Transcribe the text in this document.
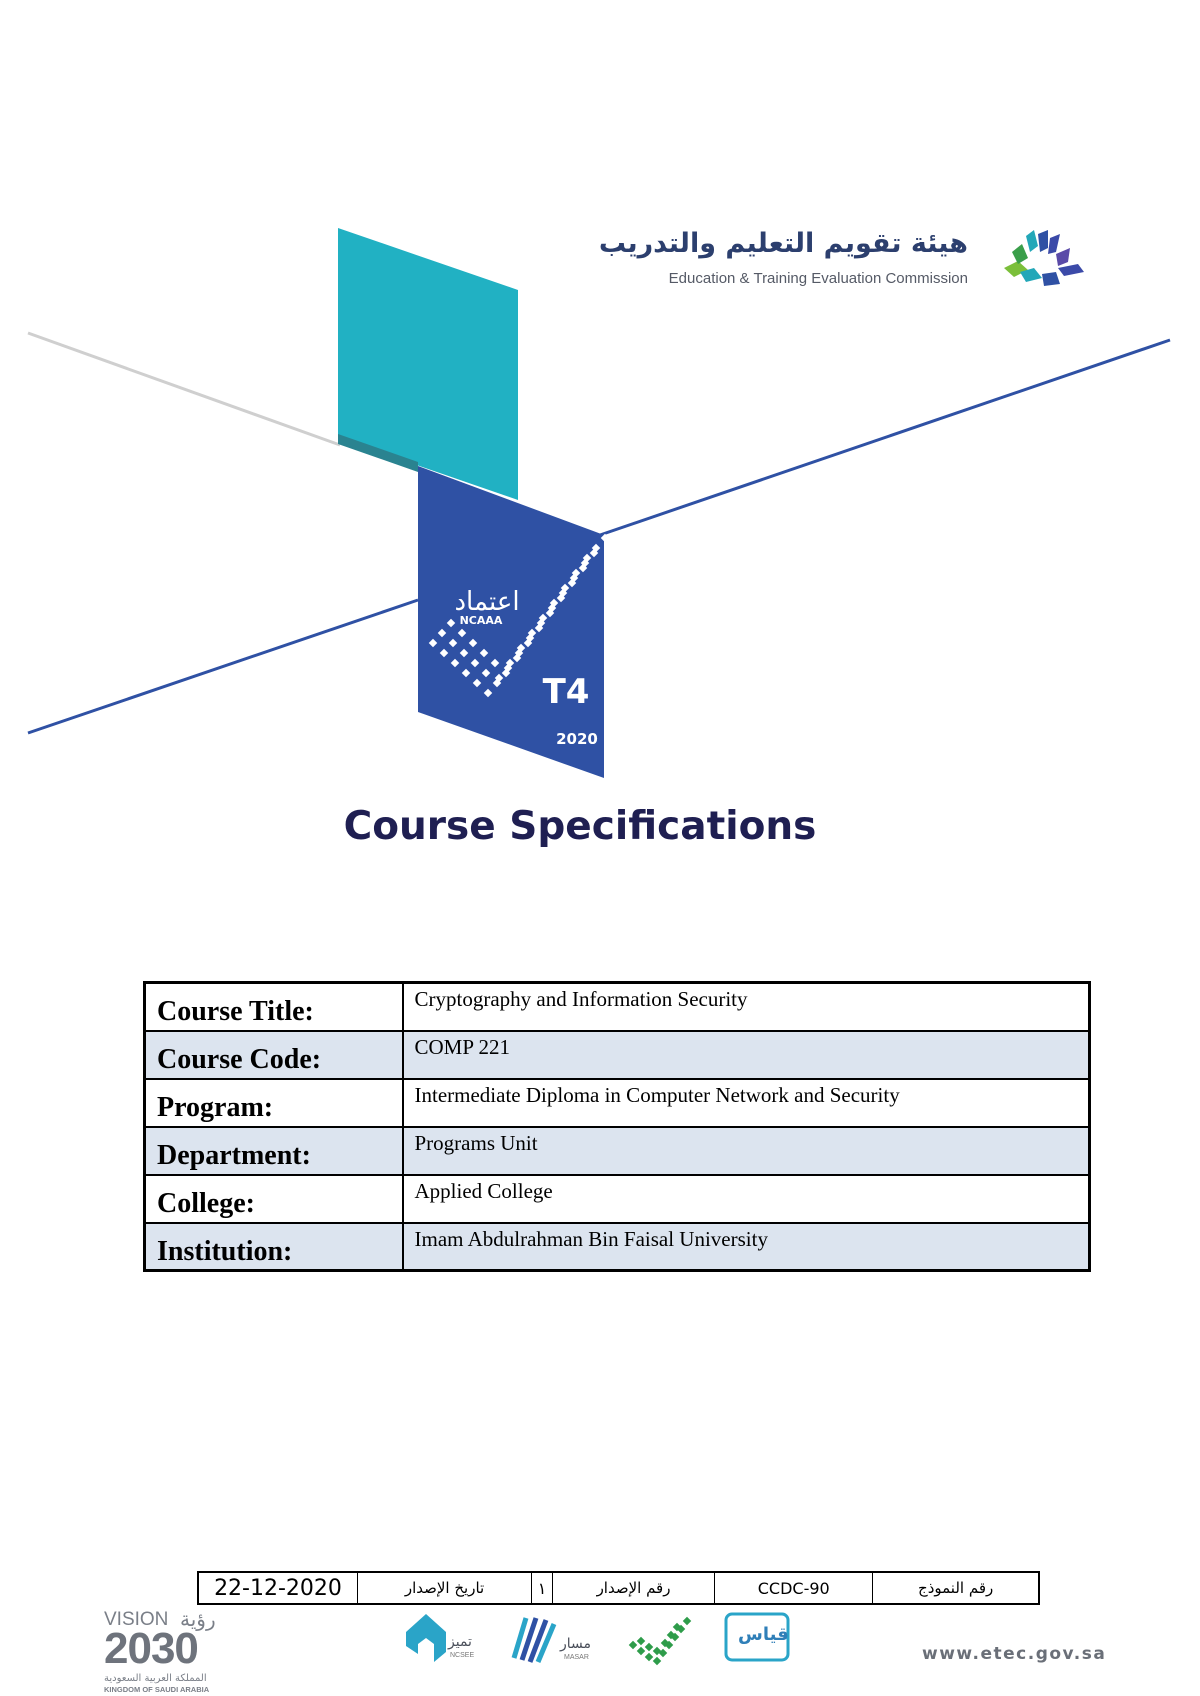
اعتماد
NCAAA
T4
2020
هيئة تقويم التعليم والتدريب
Education & Training Evaluation Commission
Course Specifications
Course Title:	Cryptography and Information Security
Course Code:	COMP 221
Program:	Intermediate Diploma in Computer Network and Security
Department:	Programs Unit
College:	Applied College
Institution:	Imam Abdulrahman Bin Faisal University
22-12-2020	تاريخ الإصدار	١	رقم الإصدار	CCDC-90	رقم النموذج
VISION رؤية
2030
المملكة العربية السعودية
KINGDOM OF SAUDI ARABIA
تميز
NCSEE
مسار
MASAR
قياس
www.etec.gov.sa
